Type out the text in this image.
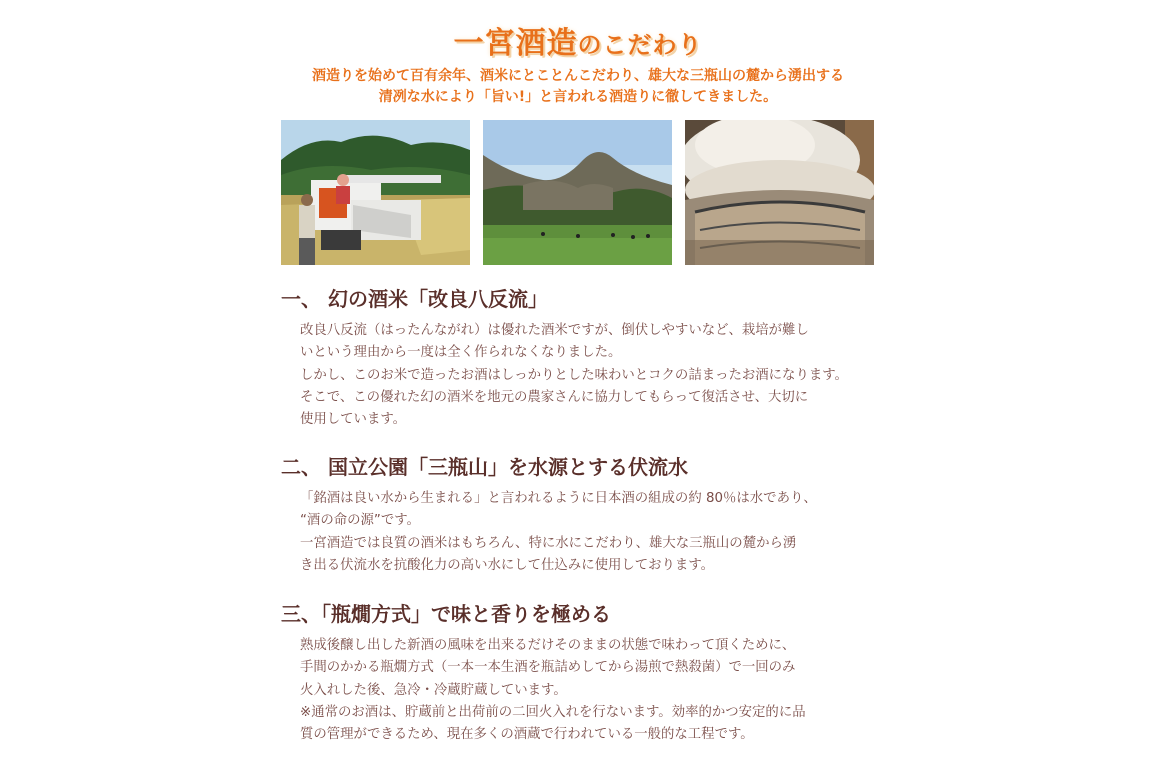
一宮酒造のこだわり
酒造りを始めて百有余年、酒米にとことんこだわり、雄大な三瓶山の麓から湧出する
清冽な水により「旨い!」と言われる酒造りに徹してきました。
一、 幻の酒米「改良八反流」

改良八反流（はったんながれ）は優れた酒米ですが、倒伏しやすいなど、栽培が難し

いという理由から一度は全く作られなくなりました。

しかし、このお米で造ったお酒はしっかりとした味わいとコクの詰まったお酒になります。

そこで、この優れた幻の酒米を地元の農家さんに協力してもらって復活させ、大切に

使用しています。

二、 国立公園「三瓶山」を水源とする伏流水

「銘酒は良い水から生まれる」と言われるように日本酒の組成の約 80％は水であり、

“酒の命の源”です。

一宮酒造では良質の酒米はもちろん、特に水にこだわり、雄大な三瓶山の麓から湧

き出る伏流水を抗酸化力の高い水にして仕込みに使用しております。

三、「瓶燗方式」で味と香りを極める

熟成後醸し出した新酒の風味を出来るだけそのままの状態で味わって頂くために、

手間のかかる瓶燗方式（一本一本生酒を瓶詰めしてから湯煎で熱殺菌）で一回のみ

火入れした後、急冷・冷蔵貯蔵しています。

※通常のお酒は、貯蔵前と出荷前の二回火入れを行ないます。効率的かつ安定的に品

質の管理ができるため、現在多くの酒蔵で行われている一般的な工程です。
